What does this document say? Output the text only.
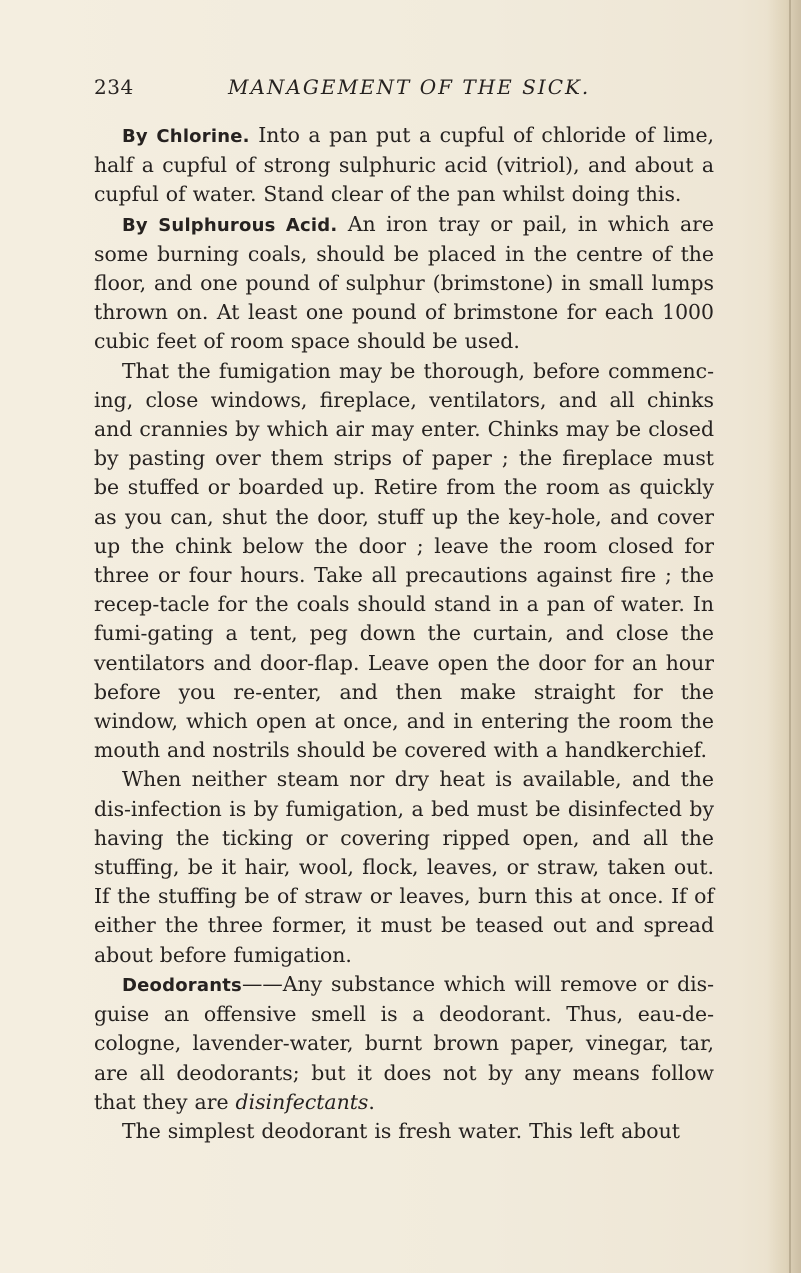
234	MANAGEMENT OF THE SICK.

By Chlorine. Into a pan put a cupful of chloride of lime, half a cupful of strong sulphuric acid (vitriol), and about a cupful of water. Stand clear of the pan whilst doing this.

By Sulphurous Acid. An iron tray or pail, in which are some burning coals, should be placed in the centre of the floor, and one pound of sulphur (brimstone) in small lumps thrown on. At least one pound of brimstone for each 1000 cubic feet of room space should be used.

That the fumigation may be thorough, before commenc-ing, close windows, fireplace, ventilators, and all chinks and crannies by which air may enter. Chinks may be closed by pasting over them strips of paper ; the fireplace must be stuffed or boarded up. Retire from the room as quickly as you can, shut the door, stuff up the key-hole, and cover up the chink below the door ; leave the room closed for three or four hours. Take all precautions against fire ; the recep-tacle for the coals should stand in a pan of water. In fumi-gating a tent, peg down the curtain, and close the ventilators and door-flap. Leave open the door for an hour before you re-enter, and then make straight for the window, which open at once, and in entering the room the mouth and nostrils should be covered with a handkerchief.

When neither steam nor dry heat is available, and the dis-infection is by fumigation, a bed must be disinfected by having the ticking or covering ripped open, and all the stuffing, be it hair, wool, flock, leaves, or straw, taken out. If the stuffing be of straw or leaves, burn this at once. If of either the three former, it must be teased out and spread about before fumigation.

Deodorants——Any substance which will remove or dis-guise an offensive smell is a deodorant. Thus, eau-de-cologne, lavender-water, burnt brown paper, vinegar, tar, are all deodorants; but it does not by any means follow that they are disinfectants.

The simplest deodorant is fresh water. This left about
